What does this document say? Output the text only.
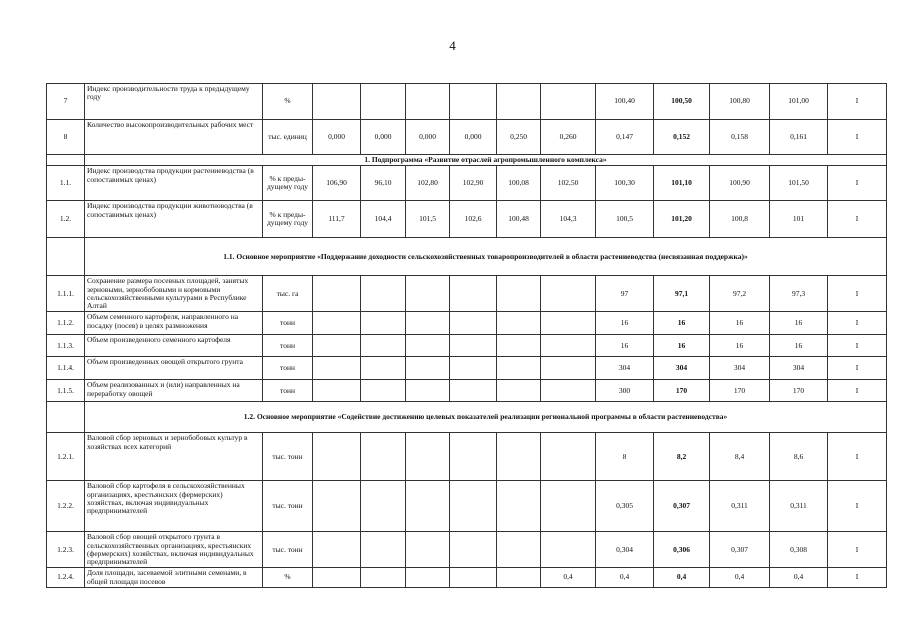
4
7	Индекс производительности труда к предыдущему году	%							100,40	100,50	100,80	101,00	I
8	Количество высокопроизводительных рабочих мест	тыс. единиц	0,000	0,000	0,000	0,000	0,250	0,260	0,147	0,152	0,158	0,161	I
	1. Подпрограмма «Развитие отраслей агропромышленного комплекса»												
1.1.	Индекс производства продукции растениеводства (в сопоставимых ценах)	% к преды-дущему году	106,90	96,10	102,80	102,90	100,08	102,50	100,30	101,10	100,90	101,50	I
1.2.	Индекс производства продукции животноводства (в сопоставимых ценах)	% к преды-дущему году	111,7	104,4	101,5	102,6	100,48	104,3	100,5	101,20	100,8	101	I
	1.1. Основное мероприятие «Поддержание доходности сельскохозяйственных товаропроизводителей в области растениеводства (несвязанная поддержка)»												
1.1.1.	Сохранение размера посевных площадей, занятых зерновыми, зернобобовыми и кормовыми сельскохозяйственными культурами в Республике Алтай	тыс. га							97	97,1	97,2	97,3	I
1.1.2.	Объем семенного картофеля, направленного на посадку (посев) в целях размножения	тонн							16	16	16	16	I
1.1.3.	Объем произведенного семенного картофеля	тонн							16	16	16	16	I
1.1.4.	Объем произведенных овощей открытого грунта	тонн							304	304	304	304	I
1.1.5.	Объем реализованных и (или) направленных на переработку овощей	тонн							300	170	170	170	I
	1.2. Основное мероприятие «Содействие достижению целевых показателей реализации региональной программы в области растениеводства»												
1.2.1.	Валовой сбор зерновых и зернобобовых культур в хозяйствах всех категорий	тыс. тонн							8	8,2	8,4	8,6	I
1.2.2.	Валовой сбор картофеля в сельскохозяйственных организациях, крестьянских (фермерских) хозяйствах, включая индивидуальных предпринимателей	тыс. тонн							0,305	0,307	0,311	0,311	I
1.2.3.	Валовой сбор овощей открытого грунта в сельскохозяйственных организациях, крестьянских (фермерских) хозяйствах, включая индивидуальных предпринимателей	тыс. тонн							0,304	0,306	0,307	0,308	I
1.2.4.	Доля площади, засеваемой элитными семенами, в общей площади посевов	%						0,4	0,4	0,4	0,4	0,4	I
